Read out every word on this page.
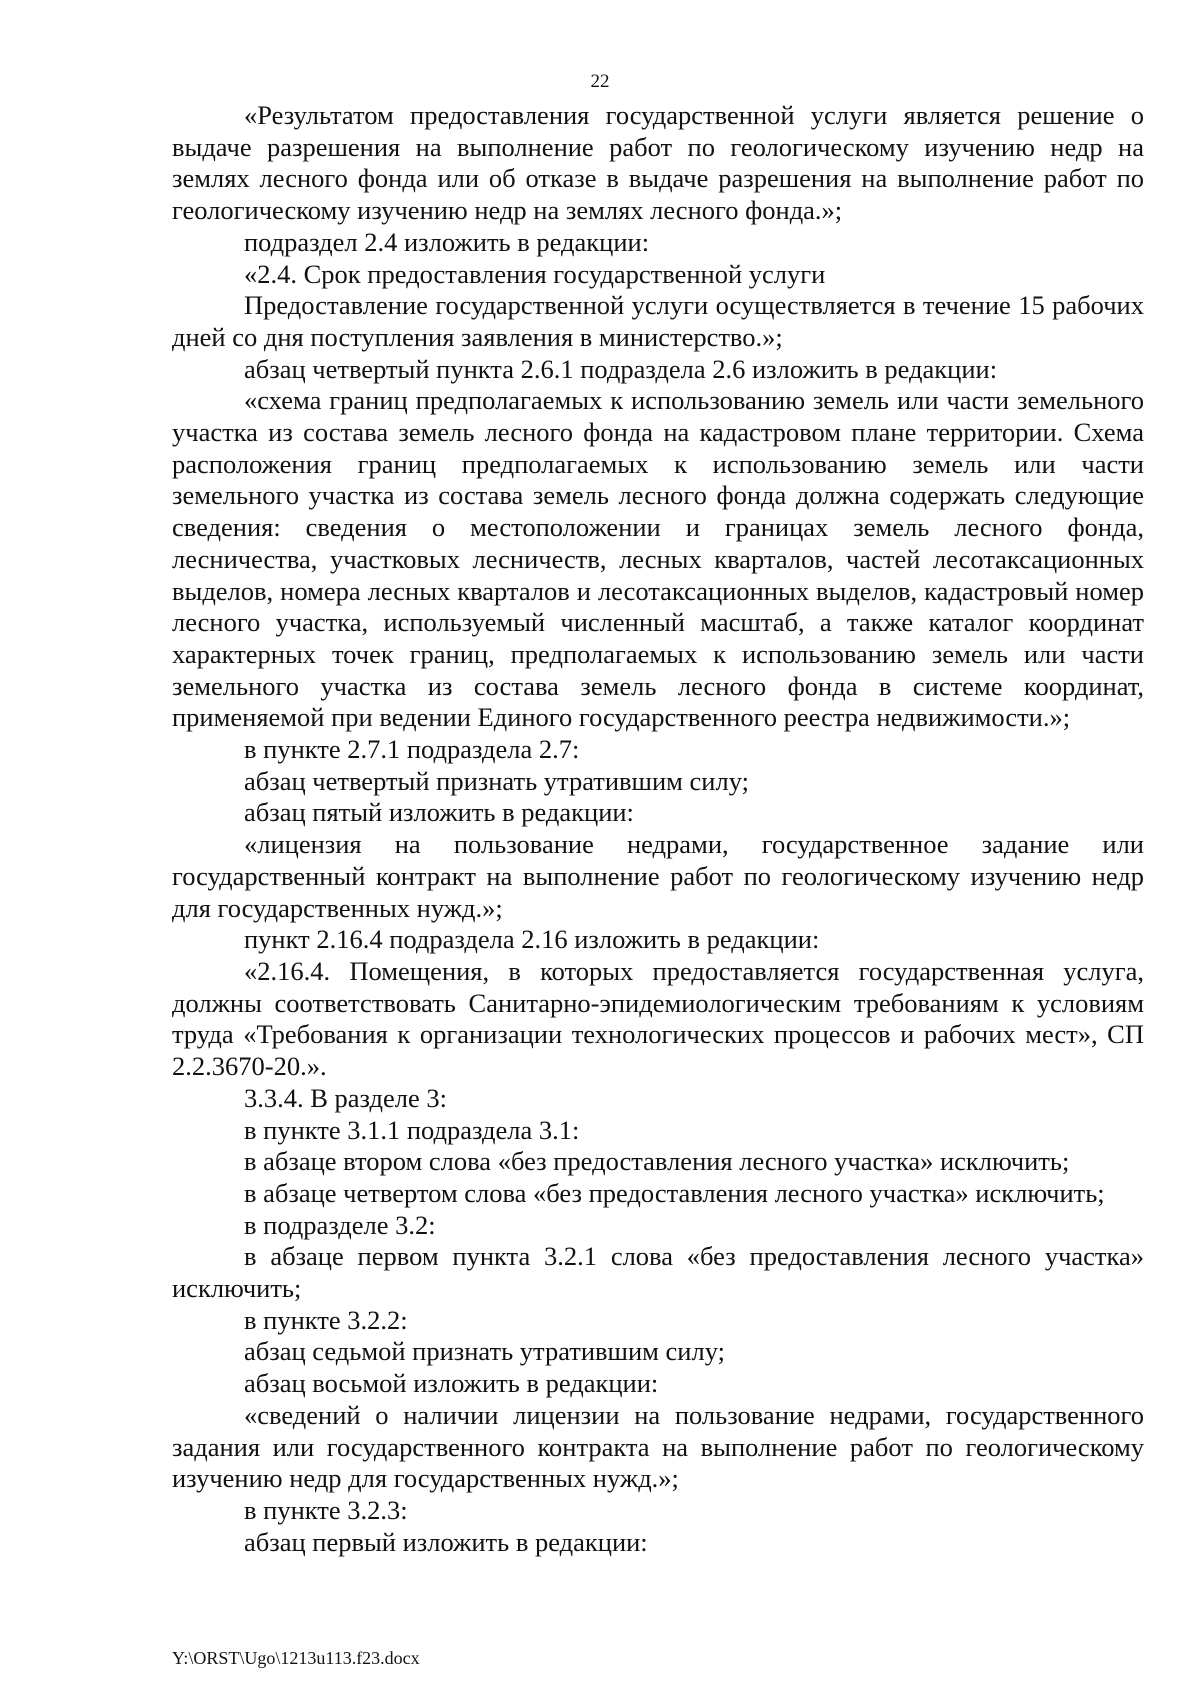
22

«Результатом предоставления государственной услуги является решение о выдаче разрешения на выполнение работ по геологическому изучению недр на землях лесного фонда или об отказе в выдаче разрешения на выполнение работ по геологическому изучению недр на землях лесного фонда.»;

подраздел 2.4 изложить в редакции:

«2.4. Срок предоставления государственной услуги

Предоставление государственной услуги осуществляется в течение 15 рабочих дней со дня поступления заявления в министерство.»;

абзац четвертый пункта 2.6.1 подраздела 2.6 изложить в редакции:

«схема границ предполагаемых к использованию земель или части земельного участка из состава земель лесного фонда на кадастровом плане территории. Схема расположения границ предполагаемых к использованию земель или части земельного участка из состава земель лесного фонда должна содержать следующие сведения: сведения о местоположении и границах земель лесного фонда, лесничества, участковых лесничеств, лесных кварталов, частей лесотаксационных выделов, номера лесных кварталов и лесотаксационных выделов, кадастровый номер лесного участка, используемый численный масштаб, а также каталог координат характерных точек границ, предполагаемых к использованию земель или части земельного участка из состава земель лесного фонда в системе координат, применяемой при ведении Единого государственного реестра недвижимости.»;

в пункте 2.7.1 подраздела 2.7:

абзац четвертый признать утратившим силу;

абзац пятый изложить в редакции:

«лицензия на пользование недрами, государственное задание или государственный контракт на выполнение работ по геологическому изучению недр для государственных нужд.»;

пункт 2.16.4 подраздела 2.16 изложить в редакции:

«2.16.4. Помещения, в которых предоставляется государственная услуга, должны соответствовать Санитарно-эпидемиологическим требованиям к условиям труда «Требования к организации технологических процессов и рабочих мест», СП 2.2.3670-20.».

3.3.4. В разделе 3:

в пункте 3.1.1 подраздела 3.1:

в абзаце втором слова «без предоставления лесного участка» исключить;

в абзаце четвертом слова «без предоставления лесного участка» исключить;

в подразделе 3.2:

в абзаце первом пункта 3.2.1 слова «без предоставления лесного участка» исключить;

в пункте 3.2.2:

абзац седьмой признать утратившим силу;

абзац восьмой изложить в редакции:

«сведений о наличии лицензии на пользование недрами, государственного задания или государственного контракта на выполнение работ по геологическому изучению недр для государственных нужд.»;

в пункте 3.2.3:

абзац первый изложить в редакции:

Y:\ORST\Ugo\1213u113.f23.docx
